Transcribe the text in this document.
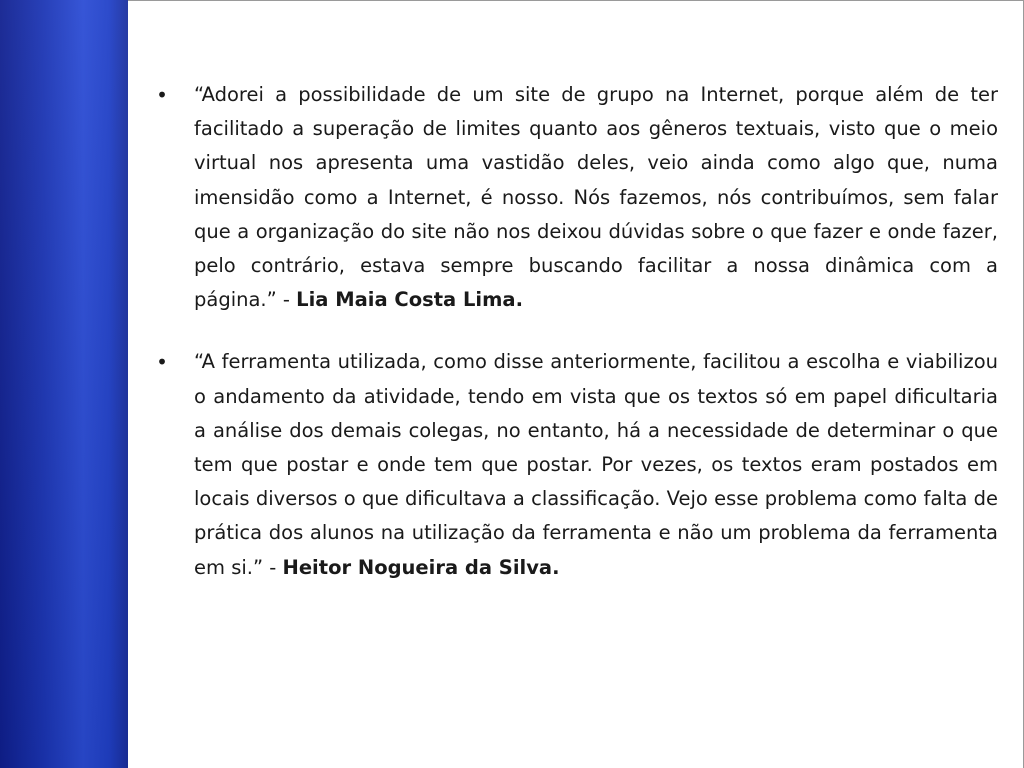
• “Adorei a possibilidade de um site de grupo na Internet, porque além de ter facilitado a superação de limites quanto aos gêneros textuais, visto que o meio virtual nos apresenta uma vastidão deles, veio ainda como algo que, numa imensidão como a Internet, é nosso. Nós fazemos, nós contribuímos, sem falar que a organização do site não nos deixou dúvidas sobre o que fazer e onde fazer, pelo contrário, estava sempre buscando facilitar a nossa dinâmica com a página.” - Lia Maia Costa Lima.
• “A ferramenta utilizada, como disse anteriormente, facilitou a escolha e viabilizou o andamento da atividade, tendo em vista que os textos só em papel dificultaria a análise dos demais colegas, no entanto, há a necessidade de determinar o que tem que postar e onde tem que postar. Por vezes, os textos eram postados em locais diversos o que dificultava a classificação. Vejo esse problema como falta de prática dos alunos na utilização da ferramenta e não um problema da ferramenta em si.” - Heitor Nogueira da Silva.
